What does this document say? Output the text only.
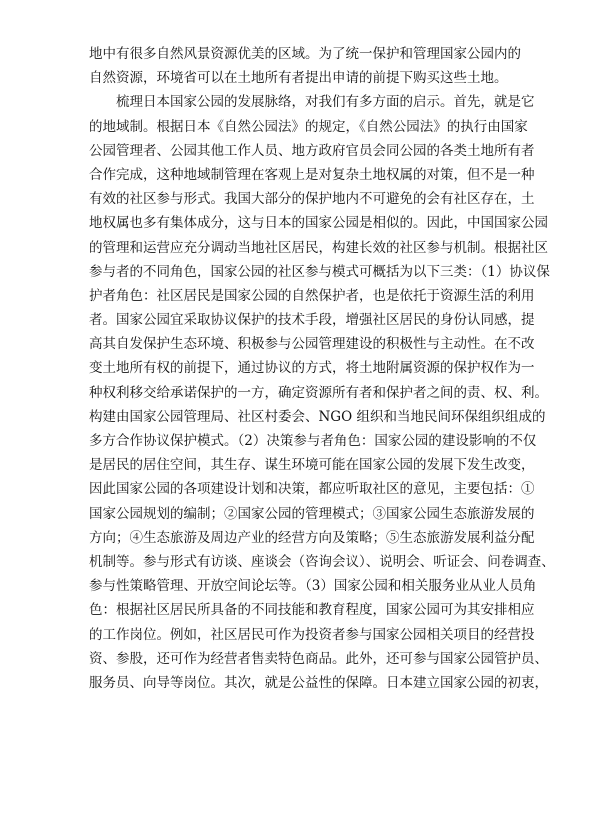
地中有很多自然风景资源优美的区域。为了统一保护和管理国家公园内的
自然资源，环境省可以在土地所有者提出申请的前提下购买这些土地。
　　梳理日本国家公园的发展脉络，对我们有多方面的启示。首先，就是它
的地域制。根据日本《自然公园法》的规定，《自然公园法》的执行由国家
公园管理者、公园其他工作人员、地方政府官员会同公园的各类土地所有者
合作完成，这种地域制管理在客观上是对复杂土地权属的对策，但不是一种
有效的社区参与形式。我国大部分的保护地内不可避免的会有社区存在，土
地权属也多有集体成分，这与日本的国家公园是相似的。因此，中国国家公园
的管理和运营应充分调动当地社区居民，构建长效的社区参与机制。根据社区
参与者的不同角色，国家公园的社区参与模式可概括为以下三类：（1）协议保
护者角色：社区居民是国家公园的自然保护者，也是依托于资源生活的利用
者。国家公园宜采取协议保护的技术手段，增强社区居民的身份认同感，提
高其自发保护生态环境、积极参与公园管理建设的积极性与主动性。在不改
变土地所有权的前提下，通过协议的方式，将土地附属资源的保护权作为一
种权利移交给承诺保护的一方，确定资源所有者和保护者之间的责、权、利。
构建由国家公园管理局、社区村委会、NGO 组织和当地民间环保组织组成的
多方合作协议保护模式。（2）决策参与者角色：国家公园的建设影响的不仅
是居民的居住空间，其生存、谋生环境可能在国家公园的发展下发生改变，
因此国家公园的各项建设计划和决策，都应听取社区的意见，主要包括：①
国家公园规划的编制；②国家公园的管理模式；③国家公园生态旅游发展的
方向；④生态旅游及周边产业的经营方向及策略；⑤生态旅游发展利益分配
机制等。参与形式有访谈、座谈会（咨询会议）、说明会、听证会、问卷调查、
参与性策略管理、开放空间论坛等。（3）国家公园和相关服务业从业人员角
色：根据社区居民所具备的不同技能和教育程度，国家公园可为其安排相应
的工作岗位。例如，社区居民可作为投资者参与国家公园相关项目的经营投
资、参股，还可作为经营者售卖特色商品。此外，还可参与国家公园管护员、
服务员、向导等岗位。其次，就是公益性的保障。日本建立国家公园的初衷，
